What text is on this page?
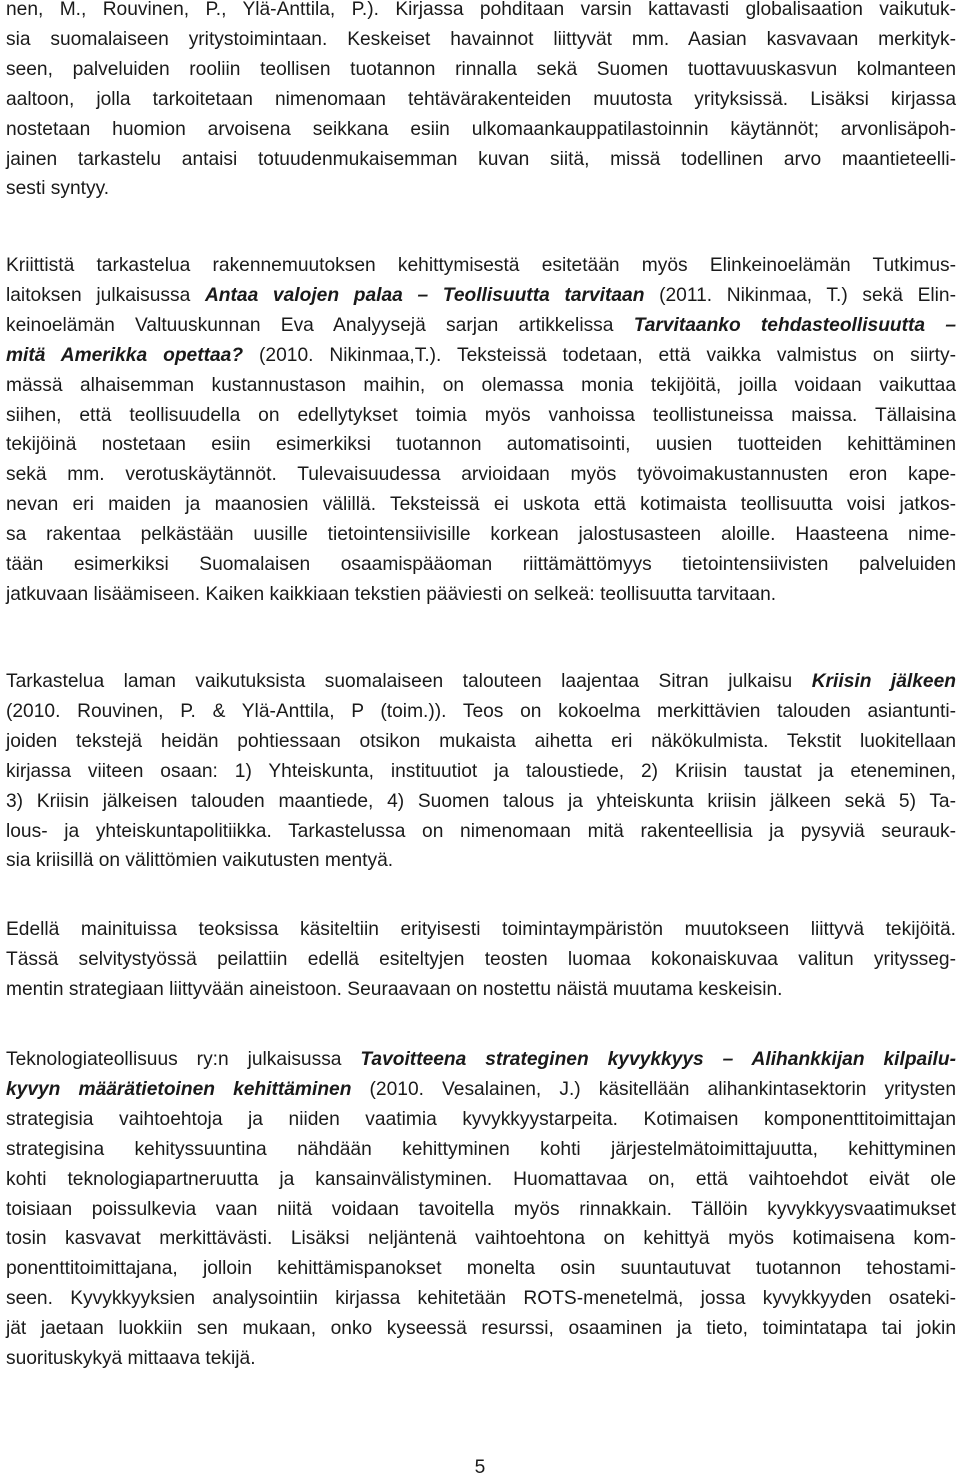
nen, M., Rouvinen, P., Ylä-Anttila, P.). Kirjassa pohditaan varsin kattavasti globalisaation vaikutuk-
sia suomalaiseen yritystoimintaan. Keskeiset havainnot liittyvät mm. Aasian kasvavaan merkityk-
seen, palveluiden rooliin teollisen tuotannon rinnalla sekä Suomen tuottavuuskasvun kolmanteen
aaltoon, jolla tarkoitetaan nimenomaan tehtävärakenteiden muutosta yrityksissä. Lisäksi kirjassa
nostetaan huomion arvoisena seikkana esiin ulkomaankauppatilastoinnin käytännöt; arvonlisäpoh-
jainen tarkastelu antaisi totuudenmukaisemman kuvan siitä, missä todellinen arvo maantieteelli-
sesti syntyy.
Kriittistä tarkastelua rakennemuutoksen kehittymisestä esitetään myös Elinkeinoelämän Tutkimus-
laitoksen julkaisussa Antaa valojen palaa – Teollisuutta tarvitaan (2011. Nikinmaa, T.) sekä Elin-
keinoelämän Valtuuskunnan Eva Analyysejä sarjan artikkelissa Tarvitaanko tehdasteollisuutta –
mitä Amerikka opettaa? (2010. Nikinmaa,T.). Teksteissä todetaan, että vaikka valmistus on siirty-
mässä alhaisemman kustannustason maihin, on olemassa monia tekijöitä, joilla voidaan vaikuttaa
siihen, että teollisuudella on edellytykset toimia myös vanhoissa teollistuneissa maissa. Tällaisina
tekijöinä nostetaan esiin esimerkiksi tuotannon automatisointi, uusien tuotteiden kehittäminen
sekä mm. verotuskäytännöt. Tulevaisuudessa arvioidaan myös työvoimakustannusten eron kape-
nevan eri maiden ja maanosien välillä. Teksteissä ei uskota että kotimaista teollisuutta voisi jatkos-
sa rakentaa pelkästään uusille tietointensiivisille korkean jalostusasteen aloille. Haasteena nime-
tään esimerkiksi Suomalaisen osaamispääoman riittämättömyys tietointensiivisten palveluiden
jatkuvaan lisäämiseen. Kaiken kaikkiaan tekstien pääviesti on selkeä: teollisuutta tarvitaan.
Tarkastelua laman vaikutuksista suomalaiseen talouteen laajentaa Sitran julkaisu Kriisin jälkeen
(2010. Rouvinen, P. & Ylä-Anttila, P (toim.)). Teos on kokoelma merkittävien talouden asiantunti-
joiden tekstejä heidän pohtiessaan otsikon mukaista aihetta eri näkökulmista. Tekstit luokitellaan
kirjassa viiteen osaan: 1) Yhteiskunta, instituutiot ja taloustiede, 2) Kriisin taustat ja eteneminen,
3) Kriisin jälkeisen talouden maantiede, 4) Suomen talous ja yhteiskunta kriisin jälkeen sekä 5) Ta-
lous- ja yhteiskuntapolitiikka. Tarkastelussa on nimenomaan mitä rakenteellisia ja pysyviä seurauk-
sia kriisillä on välittömien vaikutusten mentyä.
Edellä mainituissa teoksissa käsiteltiin erityisesti toimintaympäristön muutokseen liittyvä tekijöitä.
Tässä selvitystyössä peilattiin edellä esiteltyjen teosten luomaa kokonaiskuvaa valitun yritysseg-
mentin strategiaan liittyvään aineistoon. Seuraavaan on nostettu näistä muutama keskeisin.
Teknologiateollisuus ry:n julkaisussa Tavoitteena strateginen kyvykkyys – Alihankkijan kilpailu-
kyvyn määrätietoinen kehittäminen (2010. Vesalainen, J.) käsitellään alihankintasektorin yritysten
strategisia vaihtoehtoja ja niiden vaatimia kyvykkyystarpeita. Kotimaisen komponenttitoimittajan
strategisina kehityssuuntina nähdään kehittyminen kohti järjestelmätoimittajuutta, kehittyminen
kohti teknologiapartneruutta ja kansainvälistyminen. Huomattavaa on, että vaihtoehdot eivät ole
toisiaan poissulkevia vaan niitä voidaan tavoitella myös rinnakkain. Tällöin kyvykkyysvaatimukset
tosin kasvavat merkittävästi. Lisäksi neljäntenä vaihtoehtona on kehittyä myös kotimaisena kom-
ponenttitoimittajana, jolloin kehittämispanokset monelta osin suuntautuvat tuotannon tehostami-
seen. Kyvykkyyksien analysointiin kirjassa kehitetään ROTS-menetelmä, jossa kyvykkyyden osateki-
jät jaetaan luokkiin sen mukaan, onko kyseessä resurssi, osaaminen ja tieto, toimintatapa tai jokin
suorituskykyä mittaava tekijä.
5
